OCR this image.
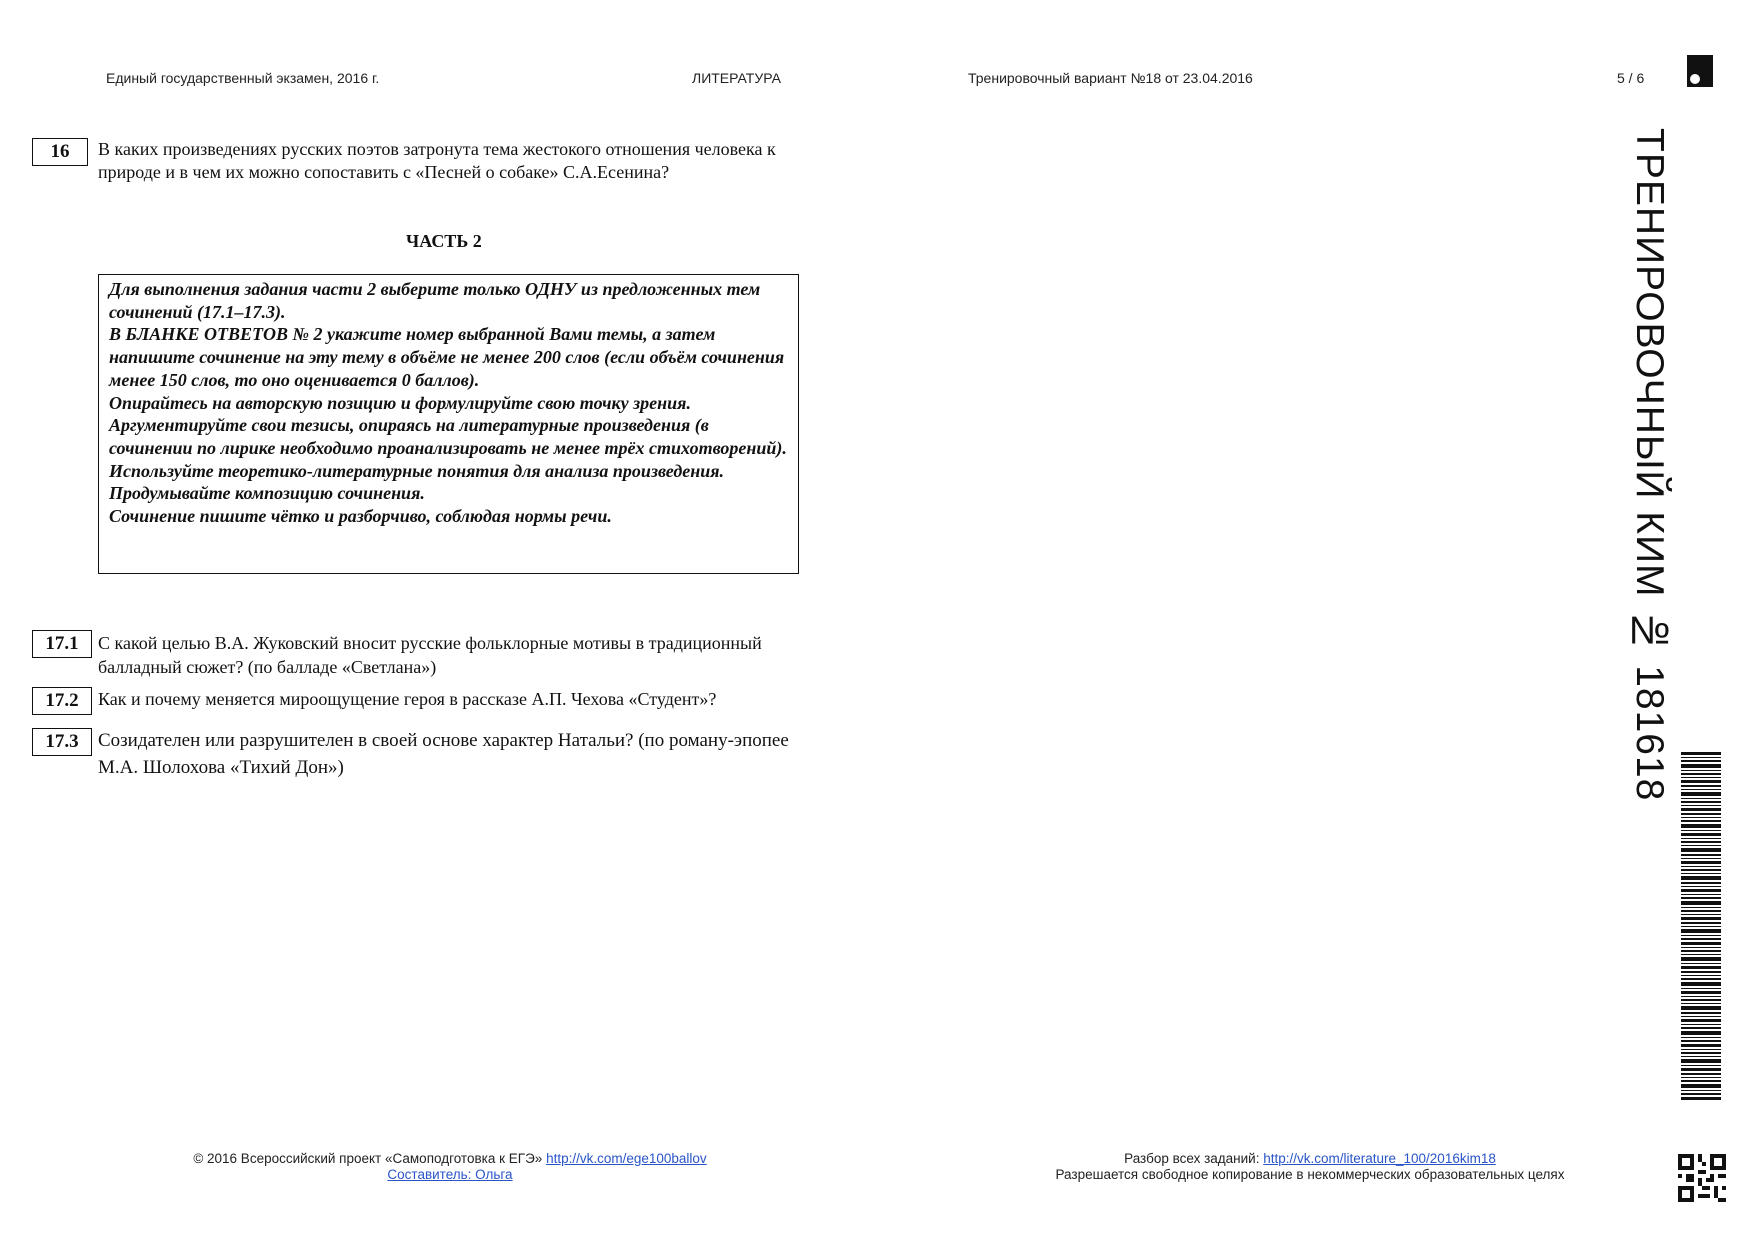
Единый государственный экзамен, 2016 г.	ЛИТЕРАТУРА	Тренировочный вариант №18 от 23.04.2016	5 / 6
ТРЕНИРОВОЧНЫЙ КИМ № 181618
16	В каких произведениях русских поэтов затронута тема жестокого отношения человека к природе и в чем их можно сопоставить с «Песней о собаке» С.А.Есенина?
ЧАСТЬ 2
Для выполнения задания части 2 выберите только ОДНУ из предложенных тем сочинений (17.1–17.3).
В БЛАНКЕ ОТВЕТОВ № 2 укажите номер выбранной Вами темы, а затем напишите сочинение на эту тему в объёме не менее 200 слов (если объём сочинения менее 150 слов, то оно оценивается 0 баллов).
Опирайтесь на авторскую позицию и формулируйте свою точку зрения.
Аргументируйте свои тезисы, опираясь на литературные произведения (в сочинении по лирике необходимо проанализировать не менее трёх стихотворений).
Используйте теоретико-литературные понятия для анализа произведения.
Продумывайте композицию сочинения.
Сочинение пишите чётко и разборчиво, соблюдая нормы речи.
17.1	С какой целью В.А. Жуковский вносит русские фольклорные мотивы в традиционный балладный сюжет? (по балладе «Светлана»)
17.2	Как и почему меняется мироощущение героя в рассказе А.П. Чехова «Студент»?
17.3	Созидателен или разрушителен в своей основе характер Натальи? (по роману-эпопее М.А. Шолохова «Тихий Дон»)
© 2016 Всероссийский проект «Самоподготовка к ЕГЭ» http://vk.com/ege100ballov
Составитель: Ольга
Разбор всех заданий: http://vk.com/literature_100/2016kim18
Разрешается свободное копирование в некоммерческих образовательных целях
